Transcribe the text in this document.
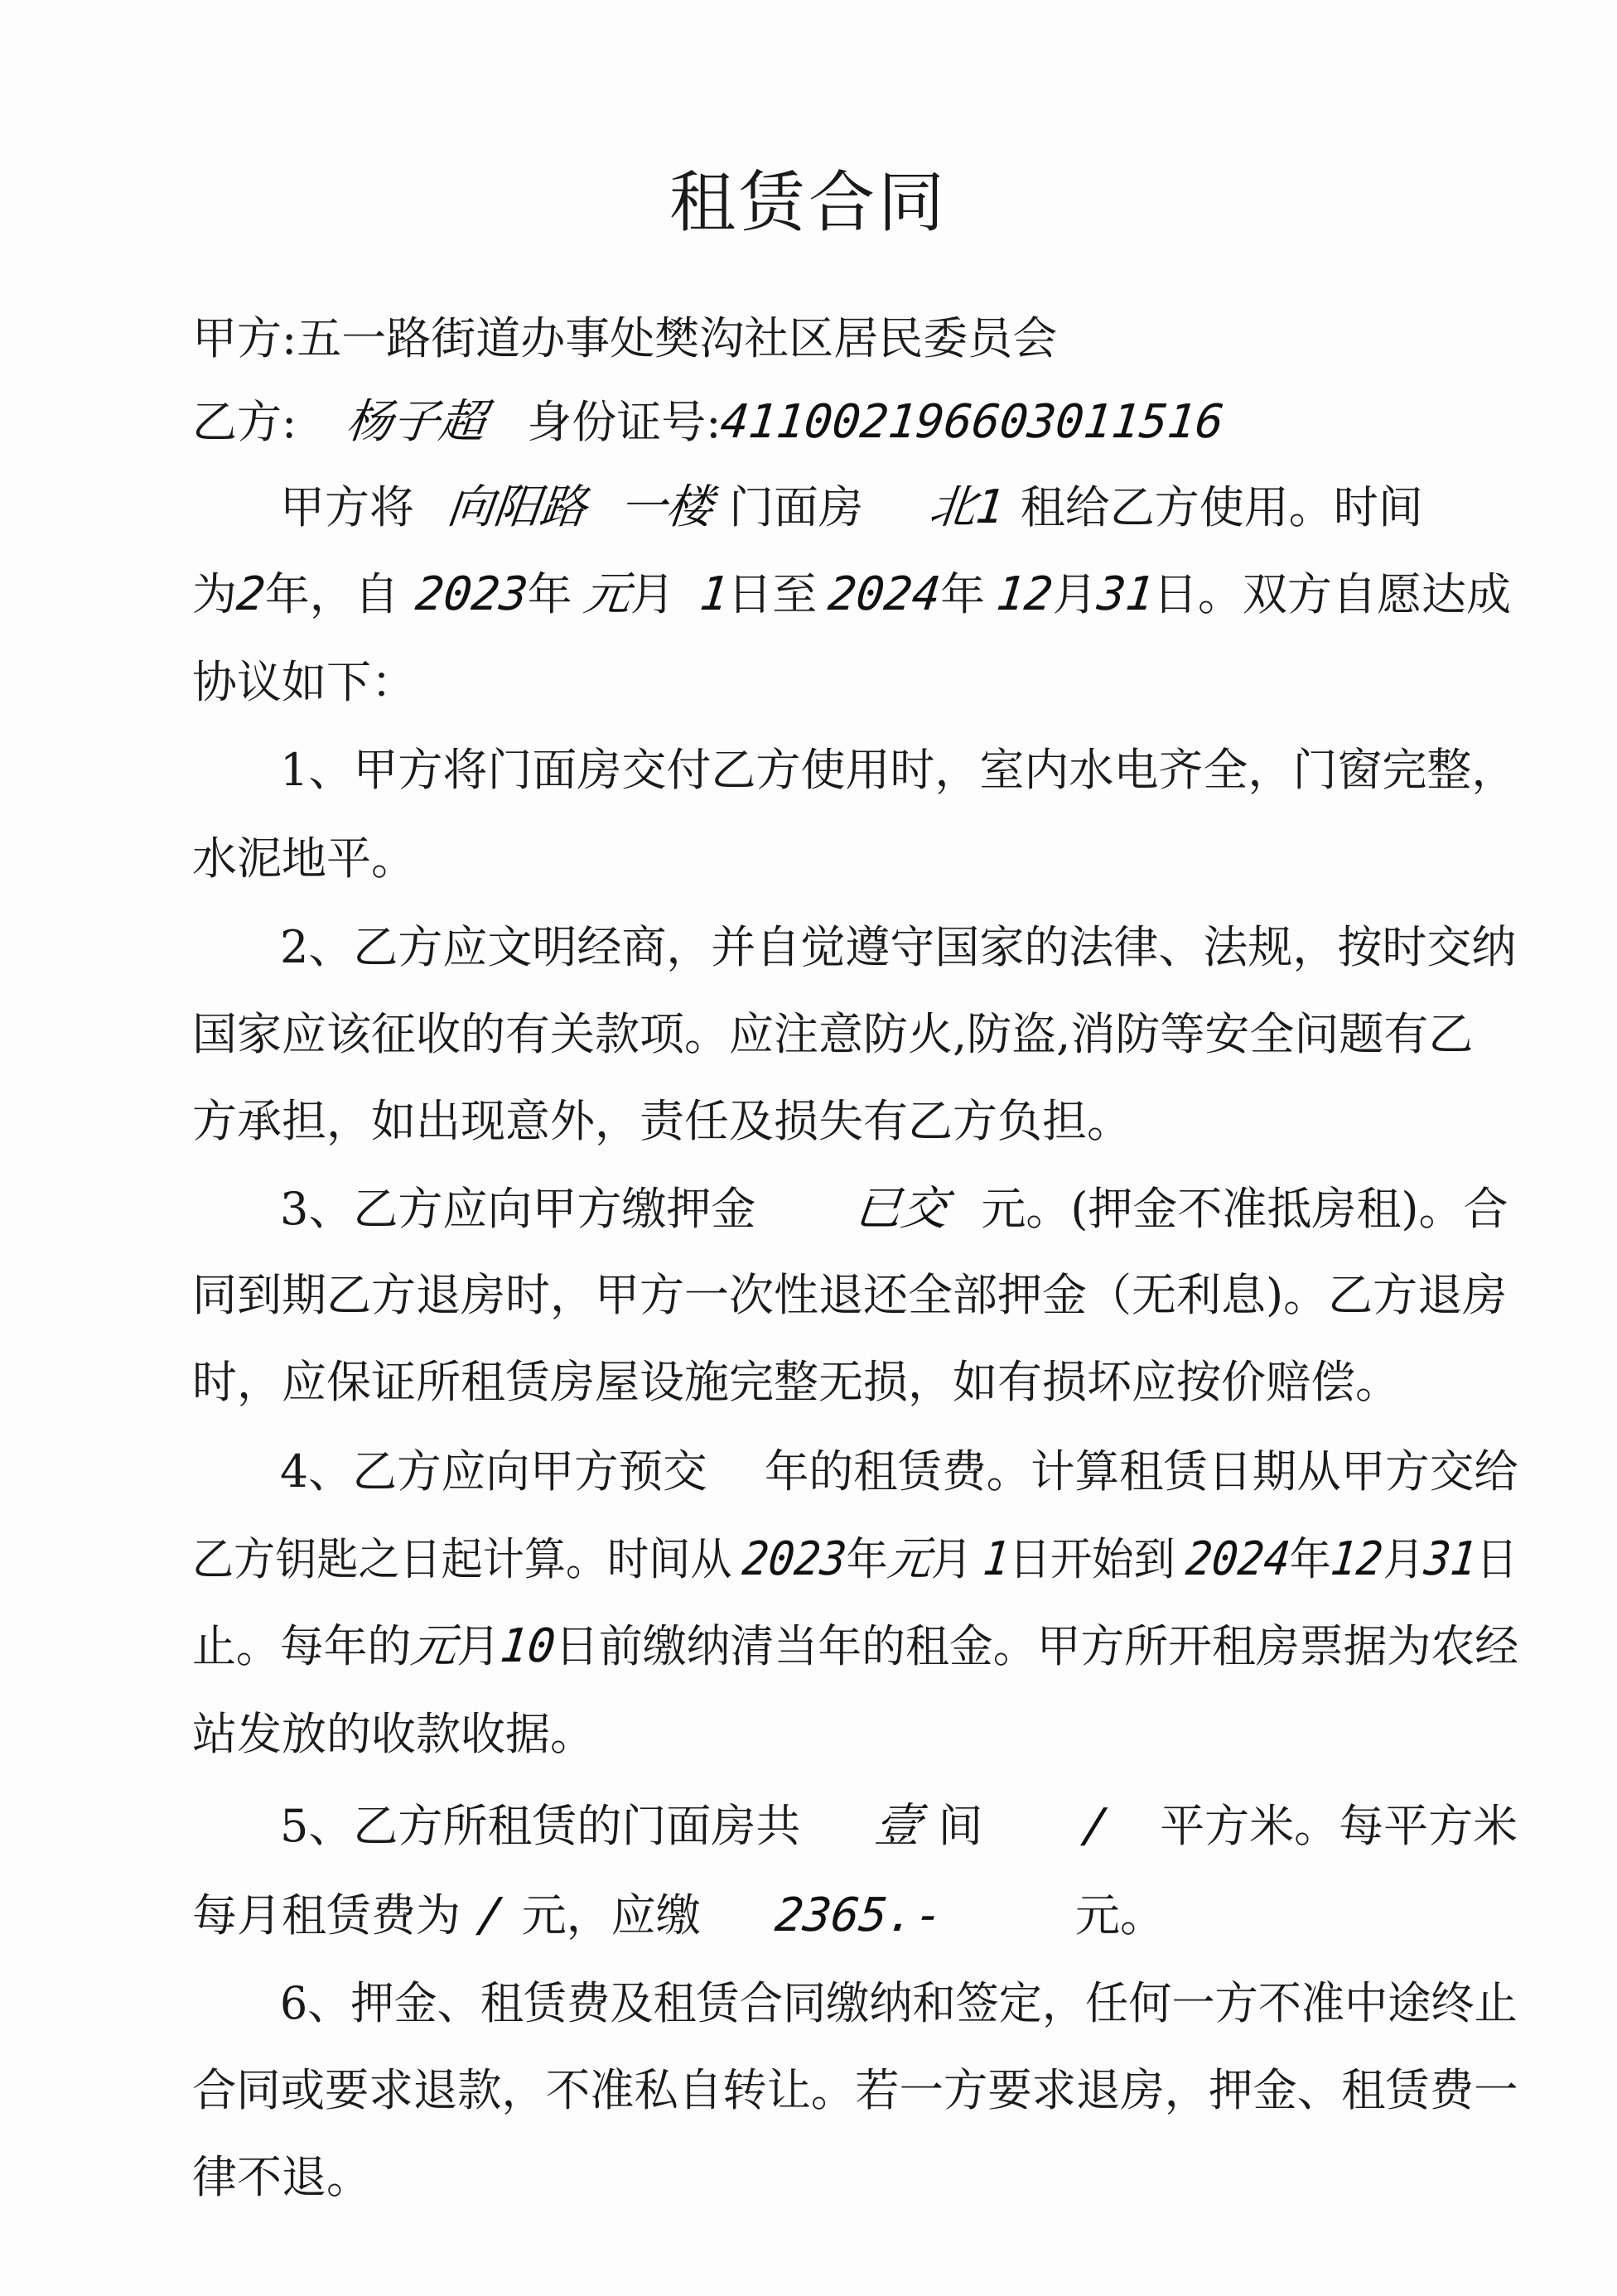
租赁合同
甲方:五一路街道办事处樊沟社区居民委员会
乙方: 杨子超 身份证号:411002196603011516
甲方将 向阳路 一楼 门面房 北1 租给乙方使用。时间
为2年，自 2023年 元月 1日至 2024年 12月31日。双方自愿达成
协议如下：
1、甲方将门面房交付乙方使用时，室内水电齐全，门窗完整，
水泥地平。
2、乙方应文明经商，并自觉遵守国家的法律、法规，按时交纳
国家应该征收的有关款项。应注意防火,防盗,消防等安全问题有乙
方承担，如出现意外，责任及损失有乙方负担。
3、乙方应向甲方缴押金 已交 元。(押金不准抵房租)。合
同到期乙方退房时，甲方一次性退还全部押金（无利息)。乙方退房
时，应保证所租赁房屋设施完整无损，如有损坏应按价赔偿。
4、乙方应向甲方预交 年的租赁费。计算租赁日期从甲方交给
乙方钥匙之日起计算。时间从 2023年元月 1日开始到 2024年12月31日
止。每年的元月10日前缴纳清当年的租金。甲方所开租房票据为农经
站发放的收款收据。
5、乙方所租赁的门面房共 壹 间 / 平方米。每平方米
每月租赁费为 / 元，应缴 2365.-	元。
6、押金、租赁费及租赁合同缴纳和签定，任何一方不准中途终止
合同或要求退款，不准私自转让。若一方要求退房，押金、租赁费一
律不退。
